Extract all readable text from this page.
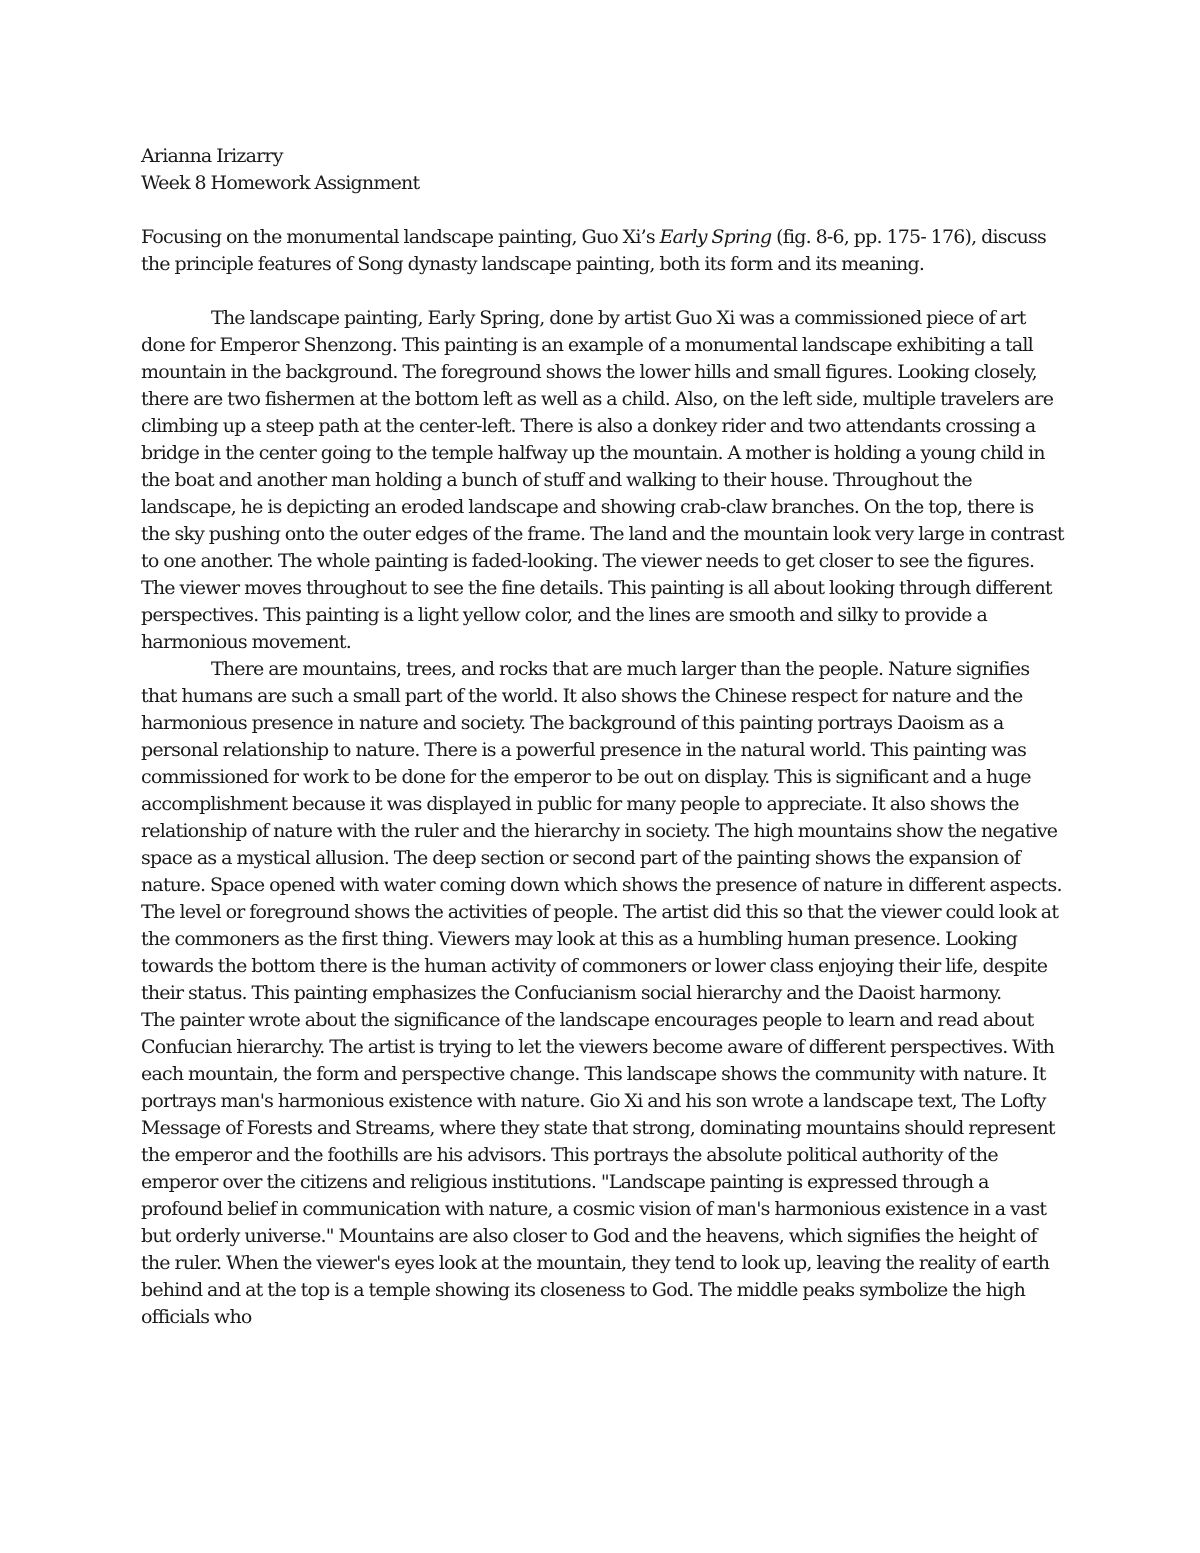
Arianna Irizarry

Week 8 Homework Assignment

Focusing on the monumental landscape painting, Guo Xi’s Early Spring (fig. 8-6, pp. 175- 176), discuss the principle features of Song dynasty landscape painting, both its form and its meaning.

The landscape painting, Early Spring, done by artist Guo Xi was a commissioned piece of art done for Emperor Shenzong. This painting is an example of a monumental landscape exhibiting a tall mountain in the background. The foreground shows the lower hills and small figures. Looking closely, there are two fishermen at the bottom left as well as a child. Also, on the left side, multiple travelers are climbing up a steep path at the center-left. There is also a donkey rider and two attendants crossing a bridge in the center going to the temple halfway up the mountain. A mother is holding a young child in the boat and another man holding a bunch of stuff and walking to their house. Throughout the landscape, he is depicting an eroded landscape and showing crab-claw branches. On the top, there is the sky pushing onto the outer edges of the frame. The land and the mountain look very large in contrast to one another. The whole painting is faded-looking. The viewer needs to get closer to see the figures. The viewer moves throughout to see the fine details. This painting is all about looking through different perspectives. This painting is a light yellow color, and the lines are smooth and silky to provide a harmonious movement.

There are mountains, trees, and rocks that are much larger than the people. Nature signifies that humans are such a small part of the world. It also shows the Chinese respect for nature and the harmonious presence in nature and society. The background of this painting portrays Daoism as a personal relationship to nature. There is a powerful presence in the natural world. This painting was commissioned for work to be done for the emperor to be out on display. This is significant and a huge accomplishment because it was displayed in public for many people to appreciate. It also shows the relationship of nature with the ruler and the hierarchy in society. The high mountains show the negative space as a mystical allusion. The deep section or second part of the painting shows the expansion of nature. Space opened with water coming down which shows the presence of nature in different aspects. The level or foreground shows the activities of people. The artist did this so that the viewer could look at the commoners as the first thing. Viewers may look at this as a humbling human presence. Looking towards the bottom there is the human activity of commoners or lower class enjoying their life, despite their status. This painting emphasizes the Confucianism social hierarchy and the Daoist harmony.

The painter wrote about the significance of the landscape encourages people to learn and read about Confucian hierarchy. The artist is trying to let the viewers become aware of different perspectives. With each mountain, the form and perspective change. This landscape shows the community with nature. It portrays man's harmonious existence with nature. Gio Xi and his son wrote a landscape text, The Lofty Message of Forests and Streams, where they state that strong, dominating mountains should represent the emperor and the foothills are his advisors. This portrays the absolute political authority of the emperor over the citizens and religious institutions. "Landscape painting is expressed through a profound belief in communication with nature, a cosmic vision of man's harmonious existence in a vast but orderly universe." Mountains are also closer to God and the heavens, which signifies the height of the ruler. When the viewer's eyes look at the mountain, they tend to look up, leaving the reality of earth behind and at the top is a temple showing its closeness to God. The middle peaks symbolize the high officials who
